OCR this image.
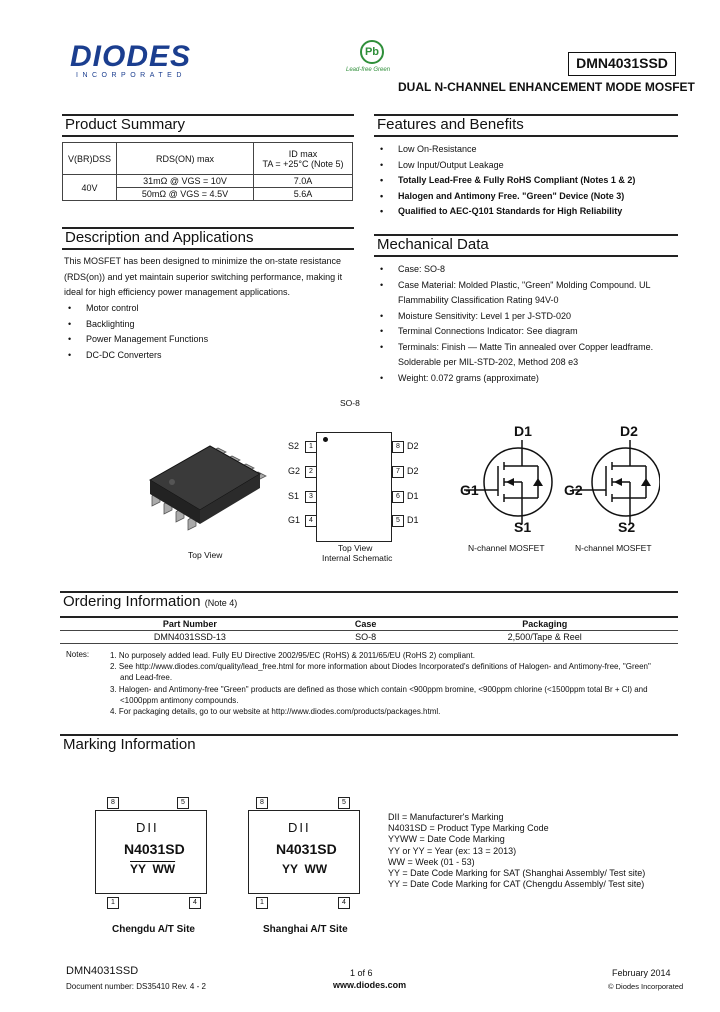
DIODES
INCORPORATED
Pb
Lead-free Green	DMN4031SSD
DUAL N-CHANNEL ENHANCEMENT MODE MOSFET
Product Summary
V(BR)DSS	RDS(ON) max	ID max
TA = +25°C (Note 5)
40V	31mΩ @ VGS = 10V	7.0A
	50mΩ @ VGS = 4.5V	5.6A
Description and Applications
This MOSFET has been designed to minimize the on-state resistance (RDS(on)) and yet maintain superior switching performance, making it ideal for high efficiency power management applications.
• Motor control
• Backlighting
• Power Management Functions
• DC-DC Converters
Features and Benefits
• Low On-Resistance
• Low Input/Output Leakage
• Totally Lead-Free & Fully RoHS Compliant (Notes 1 & 2)
• Halogen and Antimony Free. "Green" Device (Note 3)
• Qualified to AEC-Q101 Standards for High Reliability
Mechanical Data
• Case: SO-8
• Case Material: Molded Plastic, "Green" Molding Compound. UL Flammability Classification Rating 94V-0
• Moisture Sensitivity: Level 1 per J-STD-020
• Terminal Connections Indicator: See diagram
• Terminals: Finish — Matte Tin annealed over Copper leadframe. Solderable per MIL-STD-202, Method 208 e3
• Weight: 0.072 grams (approximate)
SO-8
Top View
S2
G2
S1
G1
1
2
3
4
8
7
6
5
D2
D2
D1
D1
Top View
Internal Schematic
D1
G1
S1
D2
G2
S2
N-channel MOSFET	N-channel MOSFET
Ordering Information (Note 4)
Part Number	Case	Packaging
DMN4031SSD-13	SO-8	2,500/Tape & Reel
Notes:	1. No purposely added lead. Fully EU Directive 2002/95/EC (RoHS) & 2011/65/EU (RoHS 2) compliant.
2. See http://www.diodes.com/quality/lead_free.html for more information about Diodes Incorporated's definitions of Halogen- and Antimony-free, "Green"
and Lead-free.
3. Halogen- and Antimony-free "Green" products are defined as those which contain <900ppm bromine, <900ppm chlorine (<1500ppm total Br + Cl) and
<1000ppm antimony compounds.
4. For packaging details, go to our website at http://www.diodes.com/products/packages.html.
Marking Information
8	5
1	4
DII
N4031SD
YY  WW
Chengdu A/T Site
8	5
1	4
DII
N4031SD
YY  WW
Shanghai A/T Site
DII = Manufacturer's Marking
N4031SD = Product Type Marking Code
YYWW = Date Code Marking
YY or YY = Year (ex: 13 = 2013)
WW = Week (01 - 53)
YY = Date Code Marking for SAT (Shanghai Assembly/ Test site)
YY = Date Code Marking for CAT (Chengdu Assembly/ Test site)
DMN4031SSD
Document number: DS35410 Rev. 4 - 2
1 of 6
www.diodes.com
February 2014
© Diodes Incorporated
